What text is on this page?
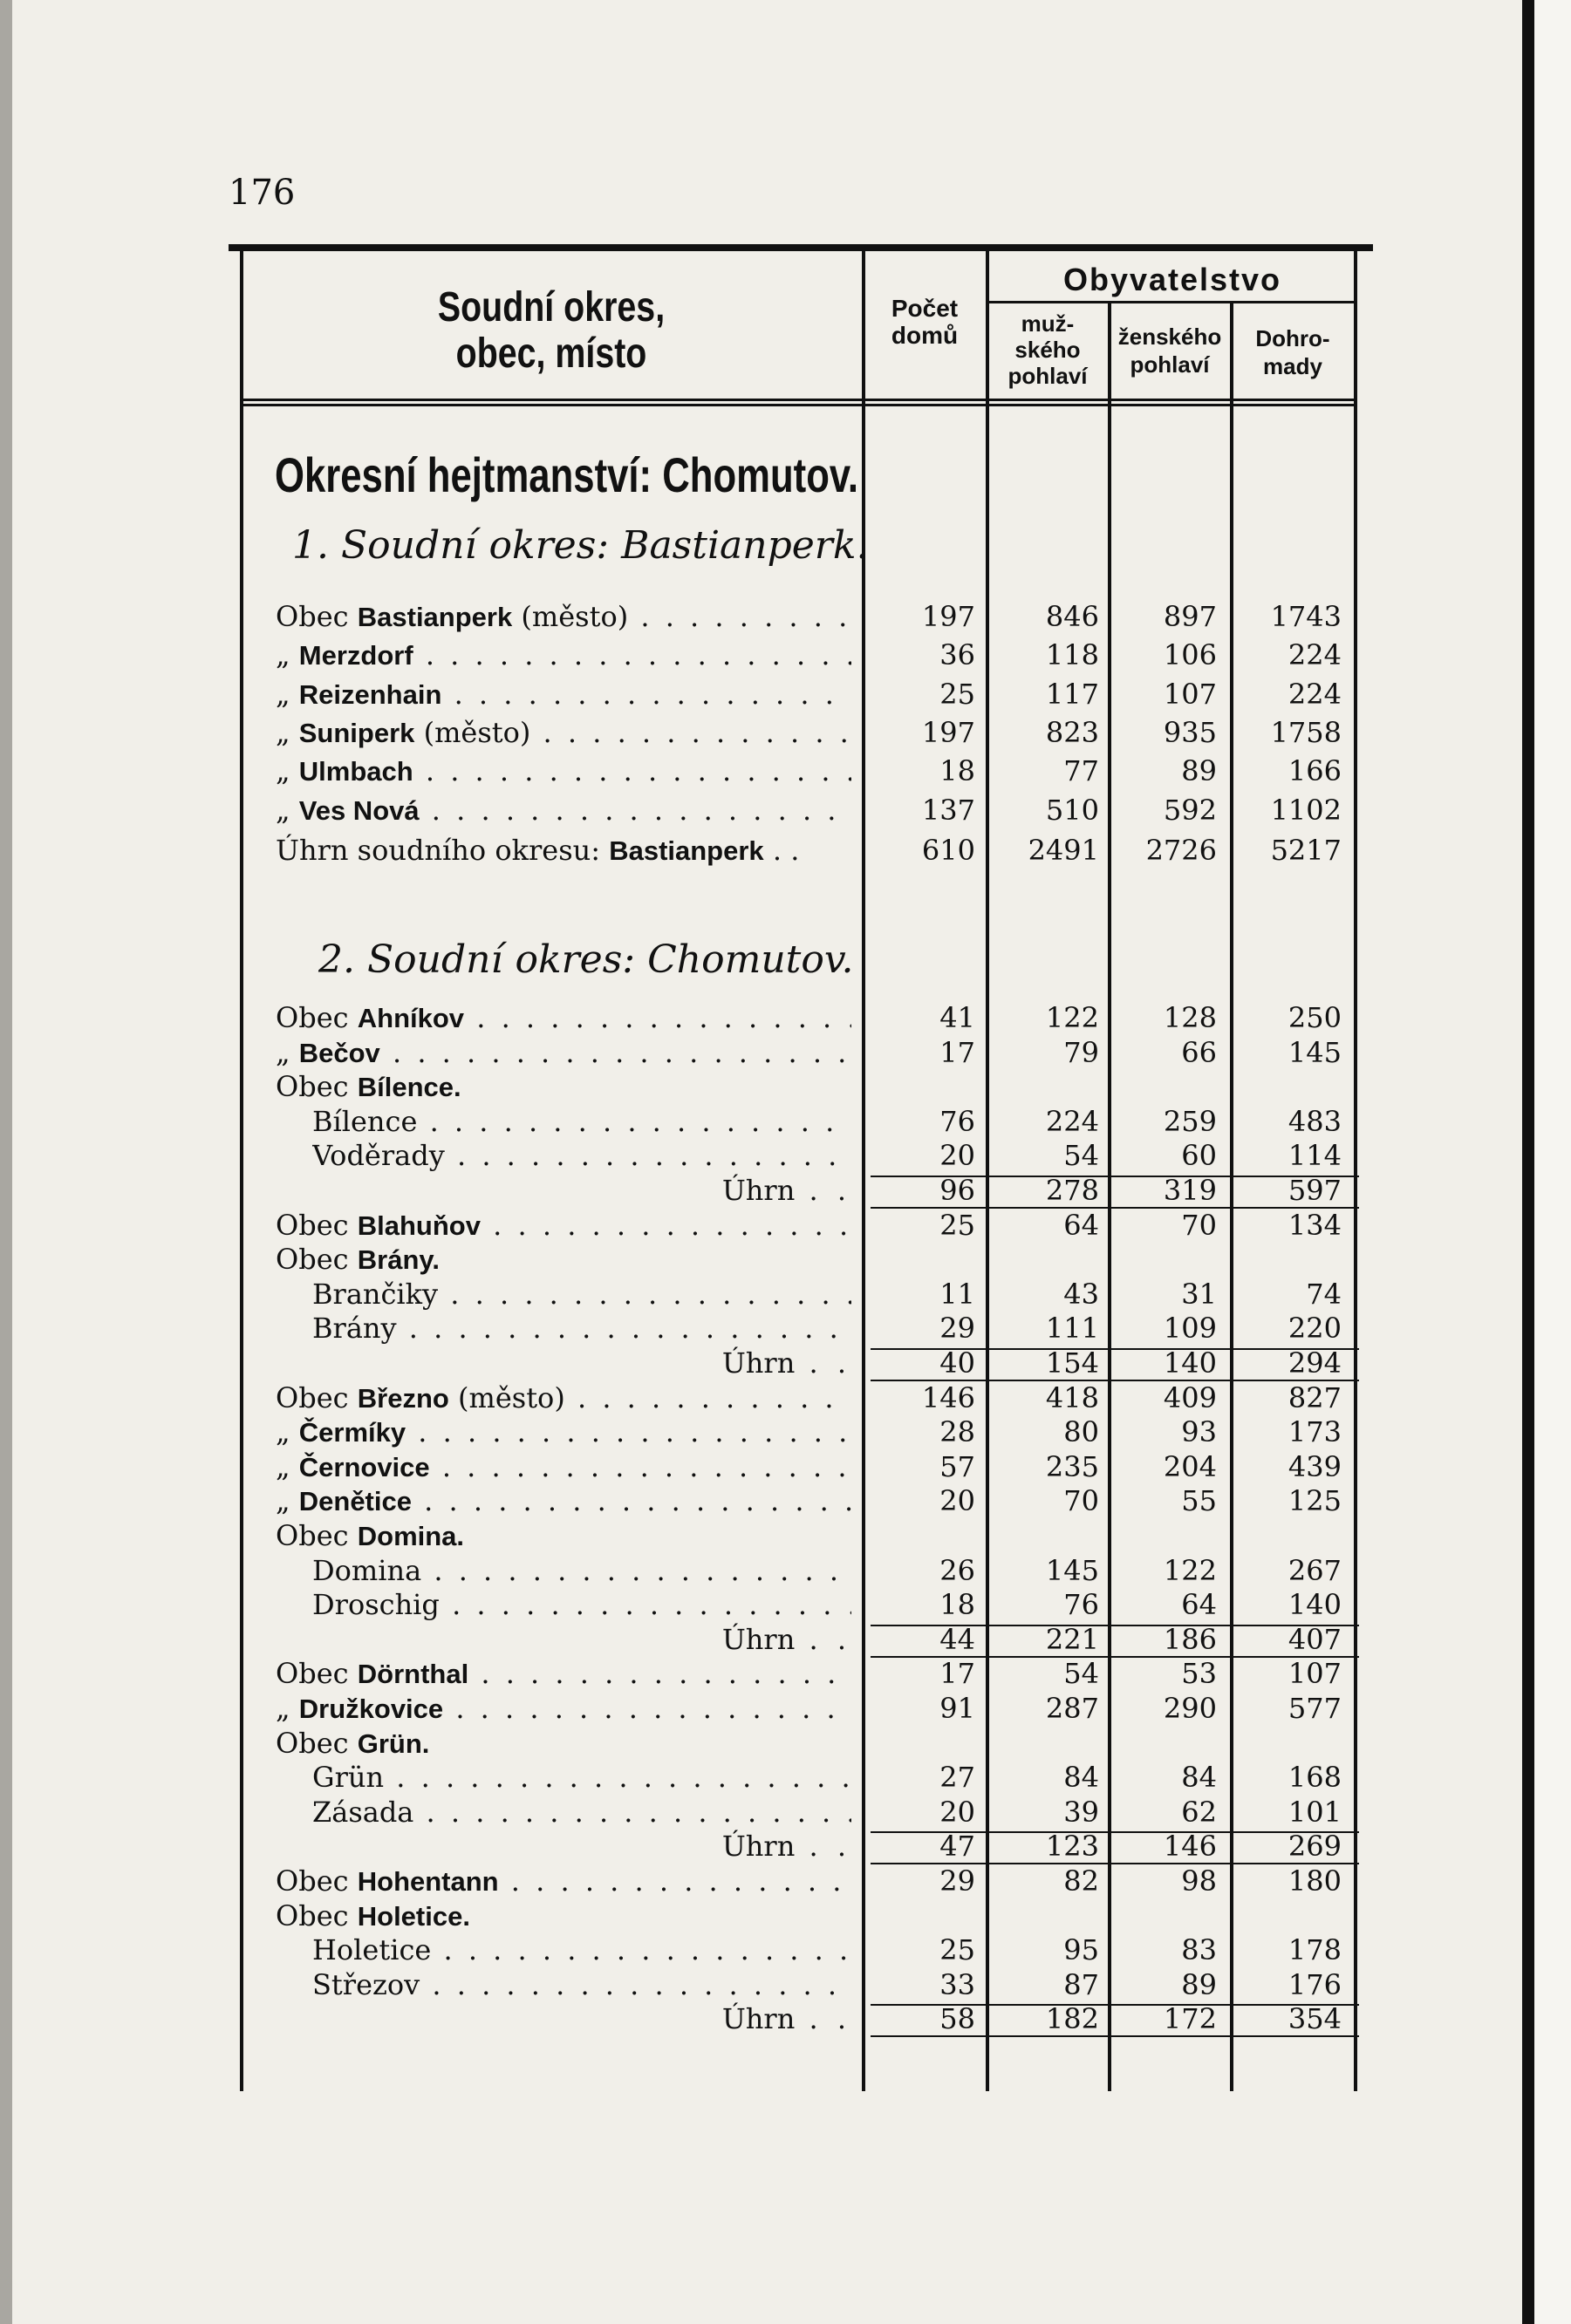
176
Soudní okres,
obec, místo
Počet
domů
Obyvatelstvo
muž-
ského
pohlaví
ženského
pohlaví
Dohro-
mady
Okresní hejtmanství: Chomutov.
1. Soudní okres: Bastianperk.
2. Soudní okres: Chomutov.
Obec Bastianperk (město) . . .	197	846	897	1743
„ Merzdorf . . .	36	118	106	224
„ Reizenhain . . .	25	117	107	224
„ Suniperk (město) . . .	197	823	935	1758
„ Ulmbach . . .	18	77	89	166
„ Ves Nová . . .	137	510	592	1102
Úhrn soudního okresu: Bastianperk . .	610	2491	2726	5217
Obec Ahníkov . . .	41	122	128	250
„ Bečov . . .	17	79	66	145
Obec Bílence.
Bílence . . .	76	224	259	483
Voděrady . . .	20	54	60	114
Úhrn . .	96	278	319	597
Obec Blahuňov . . .	25	64	70	134
Obec Brány.
Brančiky . . .	11	43	31	74
Brány . . .	29	111	109	220
Úhrn . .	40	154	140	294
Obec Březno (město) . . .	146	418	409	827
„ Čermíky . . .	28	80	93	173
„ Černovice . . .	57	235	204	439
„ Denětice . . .	20	70	55	125
Obec Domina.
Domina . . .	26	145	122	267
Droschig . . .	18	76	64	140
Úhrn . .	44	221	186	407
Obec Dörnthal . . .	17	54	53	107
„ Družkovice . . .	91	287	290	577
Obec Grün.
Grün . . .	27	84	84	168
Zásada . . .	20	39	62	101
Úhrn . .	47	123	146	269
Obec Hohentann . . .	29	82	98	180
Obec Holetice.
Holetice . . .	25	95	83	178
Střezov . . .	33	87	89	176
Úhrn . .	58	182	172	354
